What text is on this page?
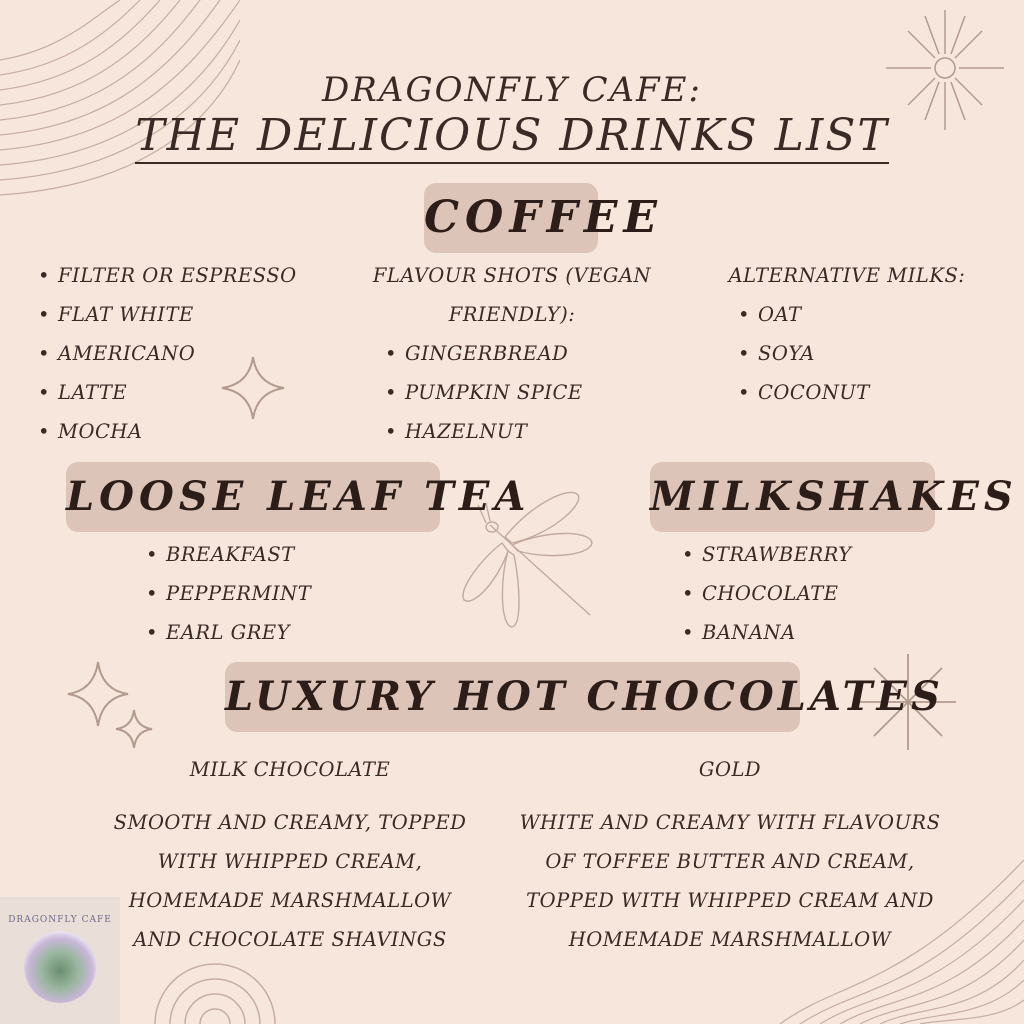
DRAGONFLY CAFE:
THE DELICIOUS DRINKS LIST
COFFEE
• FILTER OR ESPRESSO
• FLAT WHITE
• AMERICANO
• LATTE
• MOCHA
FLAVOUR SHOTS (VEGAN
FRIENDLY):
• GINGERBREAD
• PUMPKIN SPICE
• HAZELNUT
ALTERNATIVE MILKS:
• OAT
• SOYA
• COCONUT
LOOSE LEAF TEA
• BREAKFAST
• PEPPERMINT
• EARL GREY
MILKSHAKES
• STRAWBERRY
• CHOCOLATE
• BANANA
LUXURY HOT CHOCOLATES
MILK CHOCOLATE
SMOOTH AND CREAMY, TOPPED
WITH WHIPPED CREAM,
HOMEMADE MARSHMALLOW
AND CHOCOLATE SHAVINGS
GOLD
WHITE AND CREAMY WITH FLAVOURS
OF TOFFEE BUTTER AND CREAM,
TOPPED WITH WHIPPED CREAM AND
HOMEMADE MARSHMALLOW
DRAGONFLY CAFE
